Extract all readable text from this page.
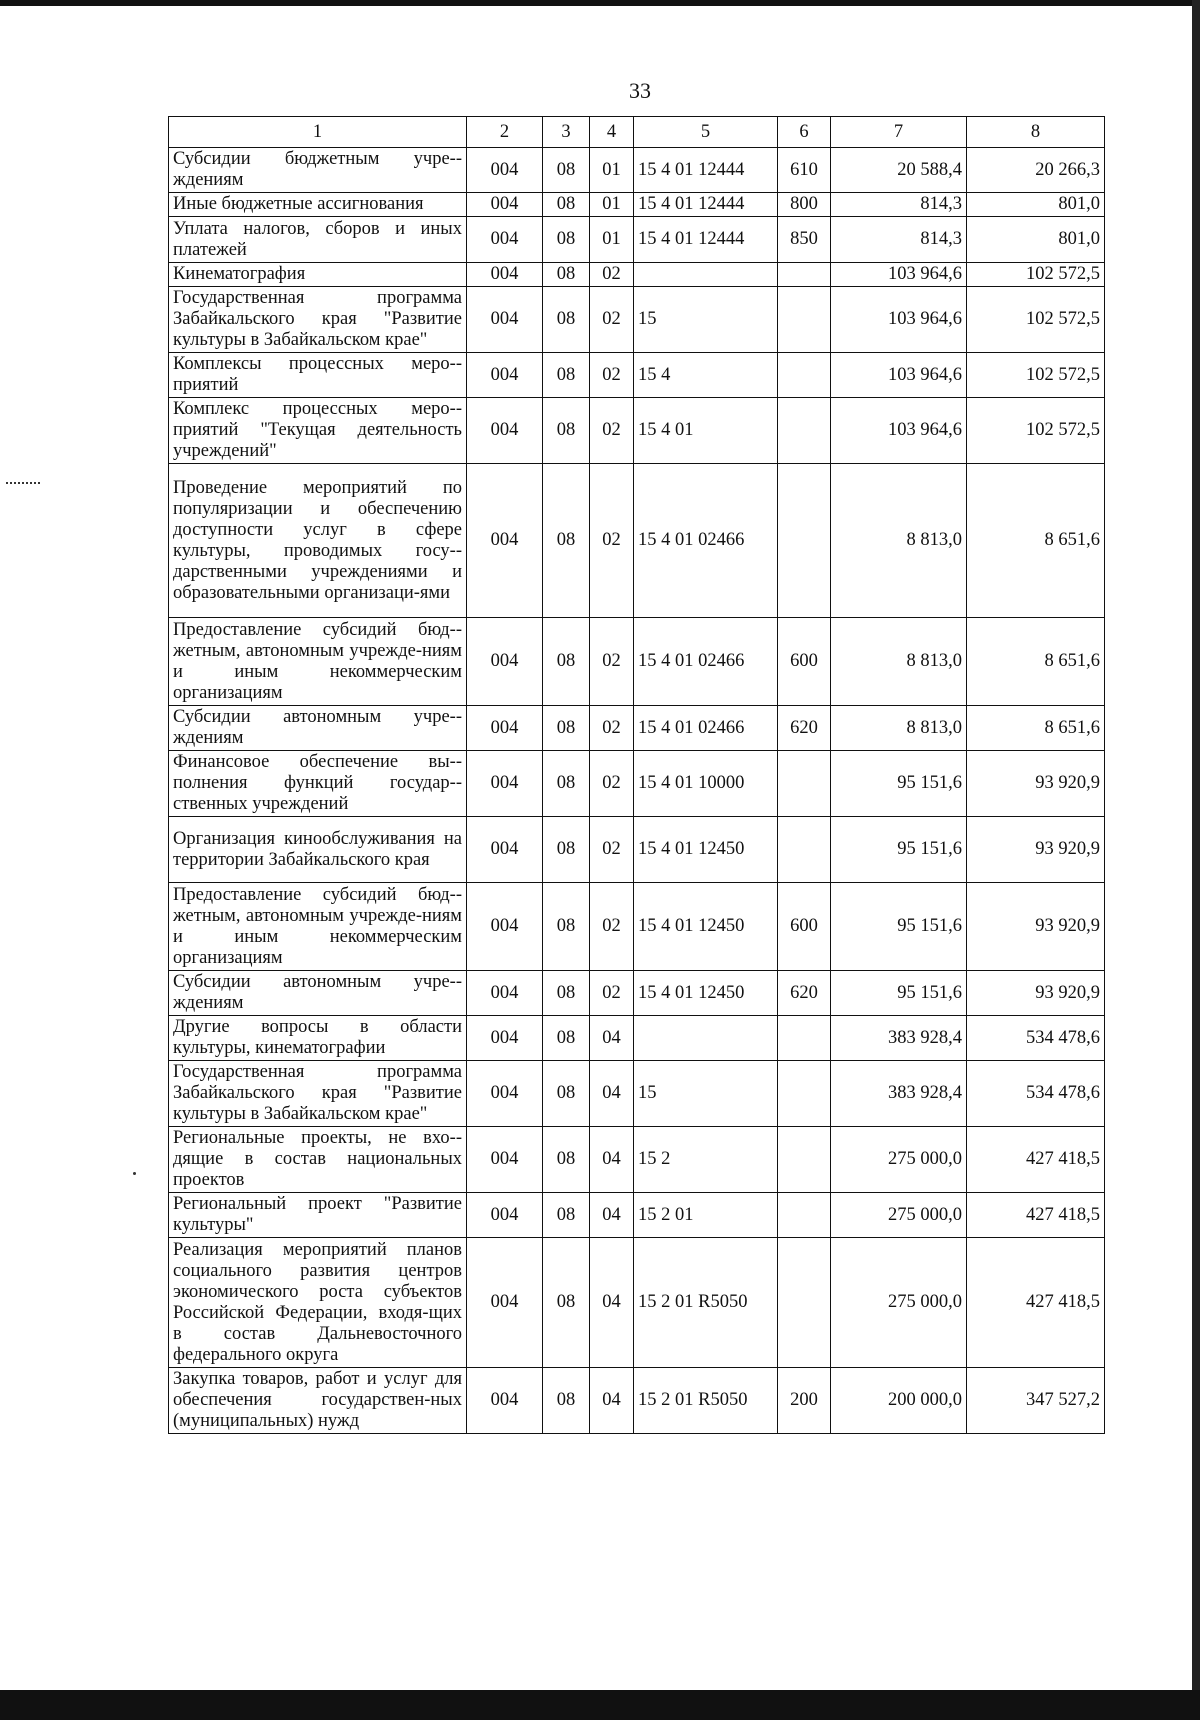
33
1	2	3	4	5	6	7	8
Субсидии бюджетным учре-ждениям	004	08	01	15 4 01 12444	610	20 588,4	20 266,3
Иные бюджетные ассигнования	004	08	01	15 4 01 12444	800	814,3	801,0
Уплата налогов, сборов и иных платежей	004	08	01	15 4 01 12444	850	814,3	801,0
Кинематография	004	08	02			103 964,6	102 572,5
Государственная программа Забайкальского края "Развитие культуры в Забайкальском крае"	004	08	02	15		103 964,6	102 572,5
Комплексы процессных меро-приятий	004	08	02	15 4		103 964,6	102 572,5
Комплекс процессных меро-приятий "Текущая деятельность учреждений"	004	08	02	15 4 01		103 964,6	102 572,5
Проведение мероприятий по популяризации и обеспечению доступности услуг в сфере культуры, проводимых госу-дарственными учреждениями и образовательными организаци-ями	004	08	02	15 4 01 02466		8 813,0	8 651,6
Предоставление субсидий бюд-жетным, автономным учрежде-ниям и иным некоммерческим организациям	004	08	02	15 4 01 02466	600	8 813,0	8 651,6
Субсидии автономным учре-ждениям	004	08	02	15 4 01 02466	620	8 813,0	8 651,6
Финансовое обеспечение вы-полнения функций государ-ственных учреждений	004	08	02	15 4 01 10000		95 151,6	93 920,9
Организация кинообслуживания на территории Забайкальского края	004	08	02	15 4 01 12450		95 151,6	93 920,9
Предоставление субсидий бюд-жетным, автономным учрежде-ниям и иным некоммерческим организациям	004	08	02	15 4 01 12450	600	95 151,6	93 920,9
Субсидии автономным учре-ждениям	004	08	02	15 4 01 12450	620	95 151,6	93 920,9
Другие вопросы в области культуры, кинематографии	004	08	04			383 928,4	534 478,6
Государственная программа Забайкальского края "Развитие культуры в Забайкальском крае"	004	08	04	15		383 928,4	534 478,6
Региональные проекты, не вхо-дящие в состав национальных проектов	004	08	04	15 2		275 000,0	427 418,5
Региональный проект "Развитие культуры"	004	08	04	15 2 01		275 000,0	427 418,5
Реализация мероприятий планов социального развития центров экономического роста субъектов Российской Федерации, входя-щих в состав Дальневосточного федерального округа	004	08	04	15 2 01 R5050		275 000,0	427 418,5
Закупка товаров, работ и услуг для обеспечения государствен-ных (муниципальных) нужд	004	08	04	15 2 01 R5050	200	200 000,0	347 527,2
